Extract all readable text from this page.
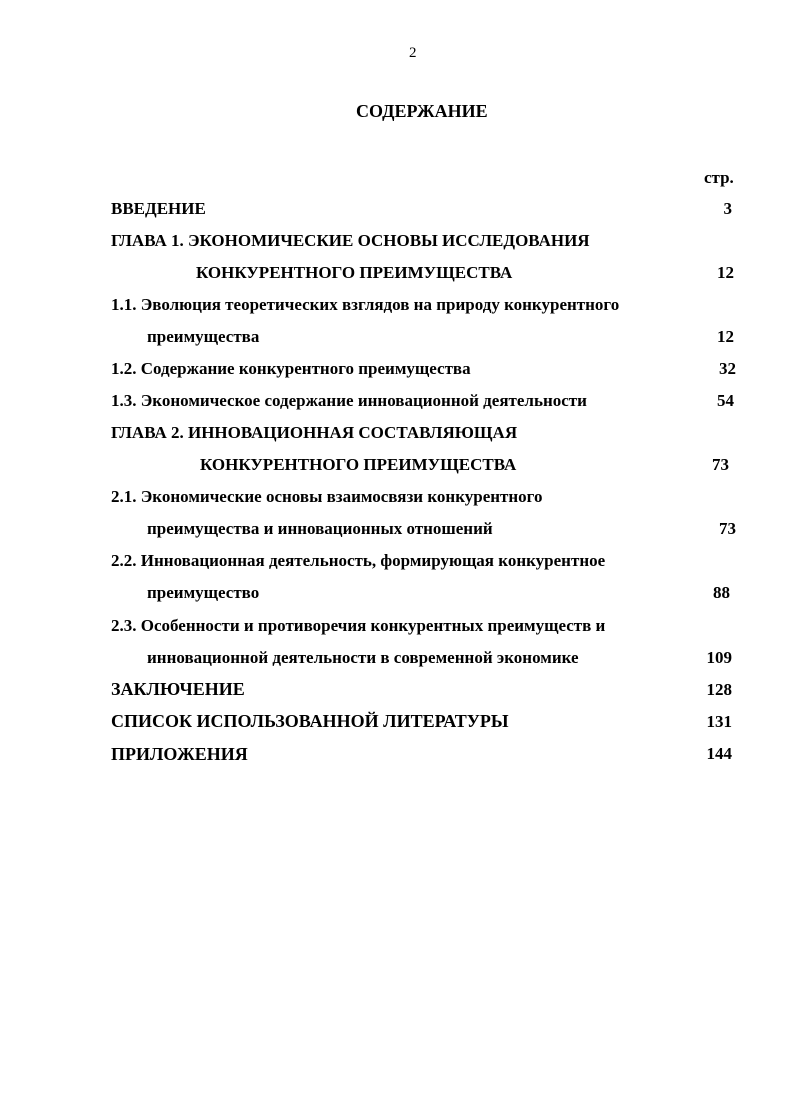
2
СОДЕРЖАНИЕ
стр.
ВВЕДЕНИЕ	3
ГЛАВА 1. ЭКОНОМИЧЕСКИЕ ОСНОВЫ ИССЛЕДОВАНИЯ
КОНКУРЕНТНОГО ПРЕИМУЩЕСТВА	12
1.1. Эволюция теоретических взглядов на природу конкурентного
преимущества	12
1.2. Содержание конкурентного преимущества	32
1.3. Экономическое содержание инновационной деятельности	54
ГЛАВА 2. ИННОВАЦИОННАЯ СОСТАВЛЯЮЩАЯ
КОНКУРЕНТНОГО ПРЕИМУЩЕСТВА	73
2.1. Экономические основы взаимосвязи конкурентного
преимущества и инновационных отношений	73
2.2. Инновационная деятельность, формирующая конкурентное
преимущество	88
2.3. Особенности и противоречия конкурентных преимуществ и
инновационной деятельности в современной экономике	109
ЗАКЛЮЧЕНИЕ	128
СПИСОК ИСПОЛЬЗОВАННОЙ ЛИТЕРАТУРЫ	131
ПРИЛОЖЕНИЯ	144
